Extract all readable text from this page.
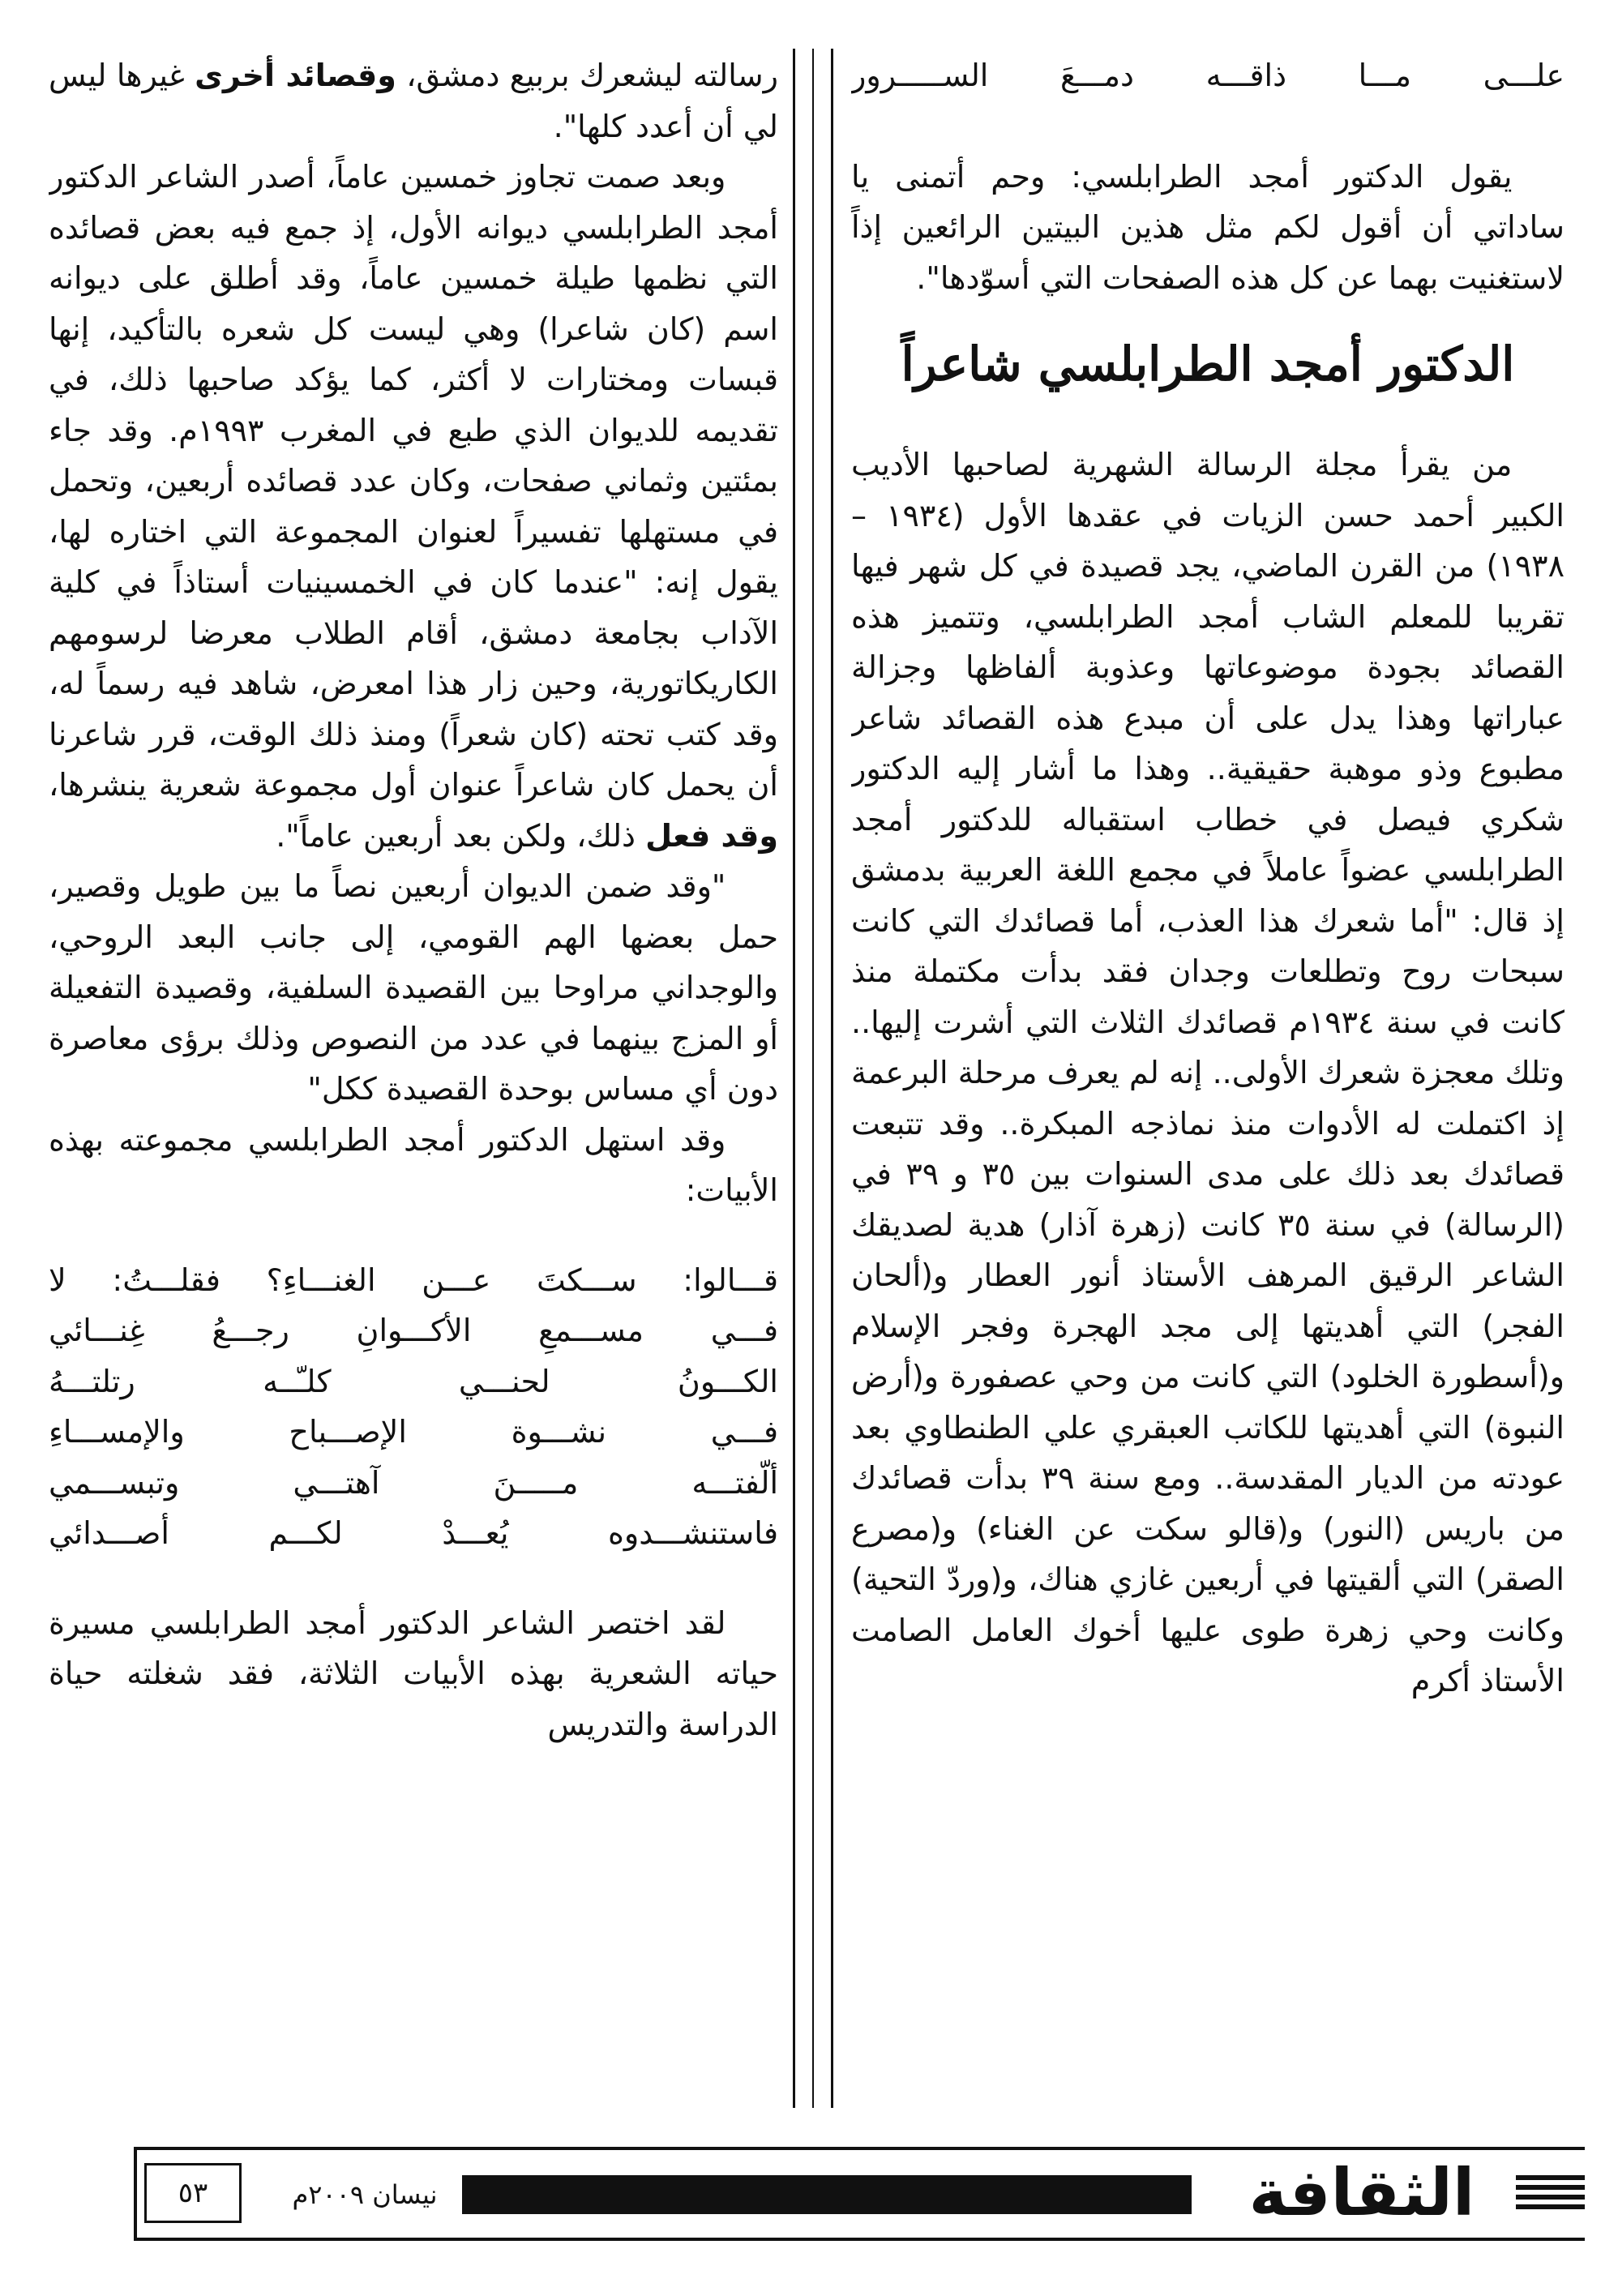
علـــى مـــا ذاقـــه دمـــعَ الســـــرور

يقول الدكتور أمجد الطرابلسي: وحم أتمنى يا ساداتي أن أقول لكم مثل هذين البيتين الرائعين إذاً لاستغنيت بهما عن كل هذه الصفحات التي أسوّدها".

الدكتور أمجد الطرابلسي شاعراً

من يقرأ مجلة الرسالة الشهرية لصاحبها الأديب الكبير أحمد حسن الزيات في عقدها الأول (١٩٣٤ – ١٩٣٨) من القرن الماضي، يجد قصيدة في كل شهر فيها تقريبا للمعلم الشاب أمجد الطرابلسي، وتتميز هذه القصائد بجودة موضوعاتها وعذوبة ألفاظها وجزالة عباراتها وهذا يدل على أن مبدع هذه القصائد شاعر مطبوع وذو موهبة حقيقية.. وهذا ما أشار إليه الدكتور شكري فيصل في خطاب استقباله للدكتور أمجد الطرابلسي عضواً عاملاً في مجمع اللغة العربية بدمشق إذ قال: "أما شعرك هذا العذب، أما قصائدك التي كانت سبحات روح وتطلعات وجدان فقد بدأت مكتملة منذ كانت في سنة ١٩٣٤م قصائدك الثلاث التي أشرت إليها.. وتلك معجزة شعرك الأولى.. إنه لم يعرف مرحلة البرعمة إذ اكتملت له الأدوات منذ نماذجه المبكرة.. وقد تتبعت قصائدك بعد ذلك على مدى السنوات بين ٣٥ و ٣٩ في (الرسالة) في سنة ٣٥ كانت (زهرة آذار) هدية لصديقك الشاعر الرقيق المرهف الأستاذ أنور العطار و(ألحان الفجر) التي أهديتها إلى مجد الهجرة وفجر الإسلام و(أسطورة الخلود) التي كانت من وحي عصفورة و(أرض النبوة) التي أهديتها للكاتب العبقري علي الطنطاوي بعد عودته من الديار المقدسة.. ومع سنة ٣٩ بدأت قصائدك من باريس (النور) و(قالو سكت عن الغناء) و(مصرع الصقر) التي ألقيتها في أربعين غازي هناك، و(وردّ التحية) وكانت وحي زهرة طوى عليها أخوك العامل الصامت الأستاذ أكرم

رسالته ليشعرك بربيع دمشق، وقصائد أخرى غيرها ليس لي أن أعدد كلها".

وبعد صمت تجاوز خمسين عاماً، أصدر الشاعر الدكتور أمجد الطرابلسي ديوانه الأول، إذ جمع فيه بعض قصائده التي نظمها طيلة خمسين عاماً، وقد أطلق على ديوانه اسم (كان شاعرا) وهي ليست كل شعره بالتأكيد، إنها قبسات ومختارات لا أكثر، كما يؤكد صاحبها ذلك، في تقديمه للديوان الذي طبع في المغرب ١٩٩٣م. وقد جاء بمئتين وثماني صفحات، وكان عدد قصائده أربعين، وتحمل في مستهلها تفسيراً لعنوان المجموعة التي اختاره لها، يقول إنه: "عندما كان في الخمسينيات أستاذاً في كلية الآداب بجامعة دمشق، أقام الطلاب معرضا لرسومهم الكاريكاتورية، وحين زار هذا امعرض، شاهد فيه رسماً له، وقد كتب تحته (كان شعراً) ومنذ ذلك الوقت، قرر شاعرنا أن يحمل كان شاعراً عنوان أول مجموعة شعرية ينشرها، وقد فعل ذلك، ولكن بعد أربعين عاماً".

"وقد ضمن الديوان أربعين نصاً ما بين طويل وقصير، حمل بعضها الهم القومي، إلى جانب البعد الروحي، والوجداني مراوحا بين القصيدة السلفية، وقصيدة التفعيلة أو المزج بينهما في عدد من النصوص وذلك برؤى معاصرة دون أي مساس بوحدة القصيدة ككل"

وقد استهل الدكتور أمجد الطرابلسي مجموعته بهذه الأبيات:

قـــالوا: ســـكتَ عـــن الغنـــاءِ؟ فقلـــتُ: لا

فـــي مســـمعِ الأكـــوانِ رجـــعُ غِنـــائي

الكـــونُ لحنـــي كلـّــه رتلتـــهُ

فـــي نشـــوة الإصـــباح والإمســـاءِ

ألّفتـــه مـــــنَ آهتـــي وتبســـمي

فاستنشـــدوه يُعـــدْ لكـــم أصـــدائي

لقد اختصر الشاعر الدكتور أمجد الطرابلسي مسيرة حياته الشعرية بهذه الأبيات الثلاثة، فقد شغلته حياة الدراسة والتدريس

الثقافة
نيسان ٢٠٠٩م
٥٣
